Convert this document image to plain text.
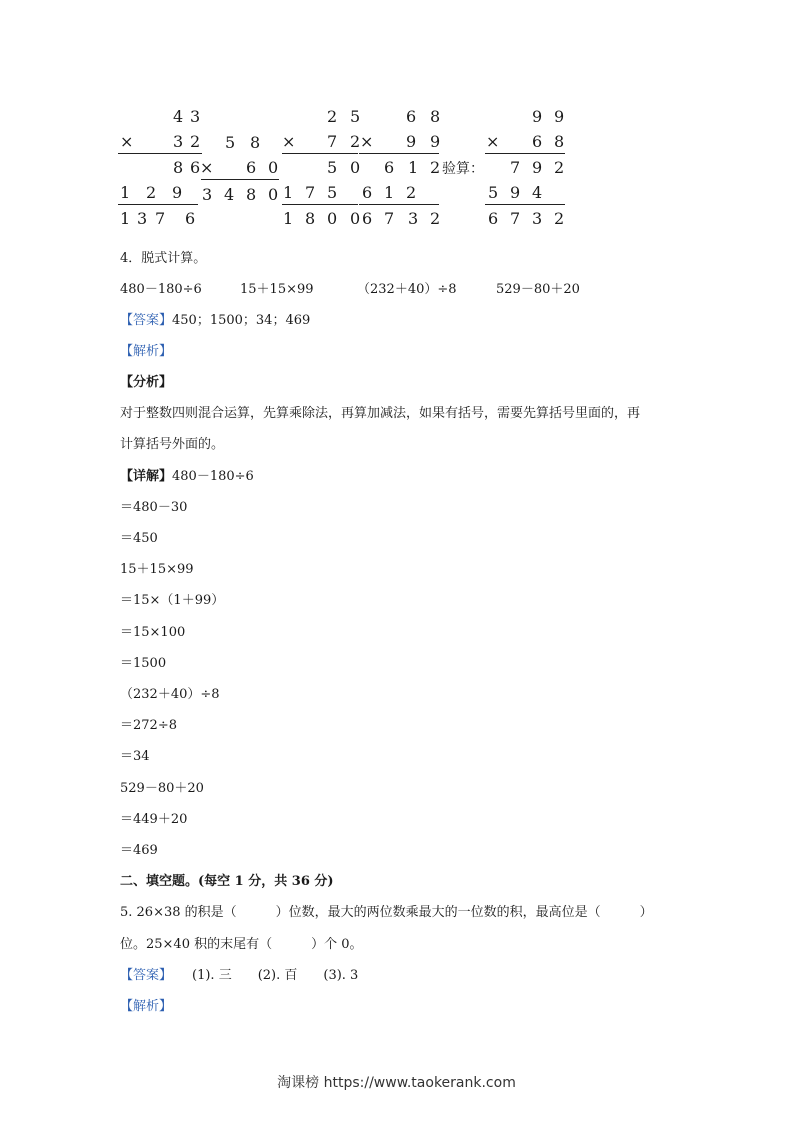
4 3
× 3 2
8 6
1 2 9
1 3 7 6
5 8
× 6 0
3 4 8 0
2 5
× 7 2
5 0
1 7 5
1 8 0 0
6 8
× 9 9
6 1 2
6 1 2
6 7 3 2
验算：
9 9
× 6 8
7 9 2
5 9 4
6 7 3 2
4．脱式计算。
480－180÷6	15＋15×99	（232＋40）÷8	529－80＋20
【答案】450；1500；34；469
【解析】
【分析】
对于整数四则混合运算，先算乘除法，再算加减法，如果有括号，需要先算括号里面的，再
计算括号外面的。
【详解】480－180÷6
＝480－30
＝450
15＋15×99
＝15×（1＋99）
＝15×100
＝1500
（232＋40）÷8
＝272÷8
＝34
529－80＋20
＝449＋20
＝469
二、填空题。(每空 1 分，共 36 分)
5. 26×38 的积是（　　　）位数，最大的两位数乘最大的一位数的积，最高位是（　　　）
位。25×40 积的末尾有（　　　）个 0。
【答案】 (1). 三　　(2). 百　　(3). 3
【解析】
淘课榜 https://www.taokerank.com
